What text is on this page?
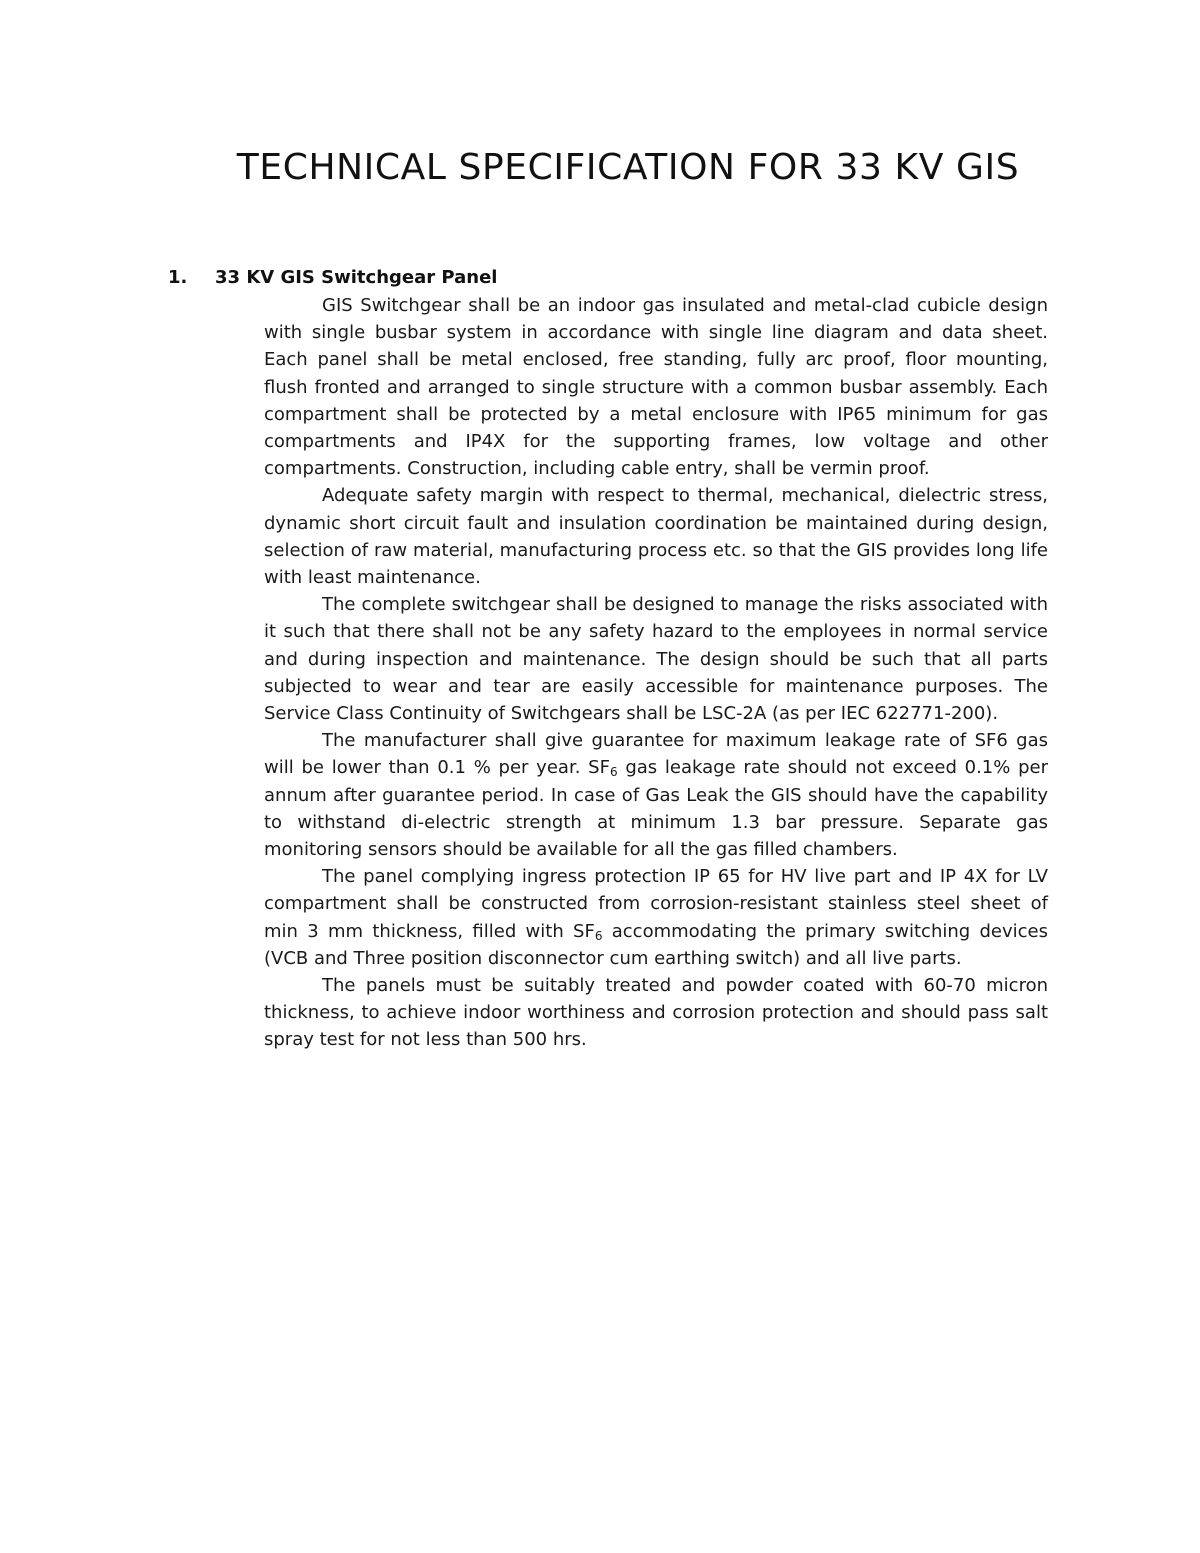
TECHNICAL SPECIFICATION FOR 33 KV GIS
1. 33 KV GIS Switchgear Panel

GIS Switchgear shall be an indoor gas insulated and metal-clad cubicle design with single busbar system in accordance with single line diagram and data sheet. Each panel shall be metal enclosed, free standing, fully arc proof, floor mounting, flush fronted and arranged to single structure with a common busbar assembly. Each compartment shall be protected by a metal enclosure with IP65 minimum for gas compartments and IP4X for the supporting frames, low voltage and other compartments. Construction, including cable entry, shall be vermin proof.

Adequate safety margin with respect to thermal, mechanical, dielectric stress, dynamic short circuit fault and insulation coordination be maintained during design, selection of raw material, manufacturing process etc. so that the GIS provides long life with least maintenance.

The complete switchgear shall be designed to manage the risks associated with it such that there shall not be any safety hazard to the employees in normal service and during inspection and maintenance. The design should be such that all parts subjected to wear and tear are easily accessible for maintenance purposes. The Service Class Continuity of Switchgears shall be LSC-2A (as per IEC 622771-200).

The manufacturer shall give guarantee for maximum leakage rate of SF6 gas will be lower than 0.1 % per year. $SF_6$ gas leakage rate should not exceed 0.1% per annum after guarantee period. In case of Gas Leak the GIS should have the capability to withstand di-electric strength at minimum 1.3 bar pressure. Separate gas monitoring sensors should be available for all the gas filled chambers.

The panel complying ingress protection IP 65 for HV live part and IP 4X for LV compartment shall be constructed from corrosion-resistant stainless steel sheet of min 3 mm thickness, filled with $SF_6$ accommodating the primary switching devices (VCB and Three position disconnector cum earthing switch) and all live parts.

The panels must be suitably treated and powder coated with 60-70 micron thickness, to achieve indoor worthiness and corrosion protection and should pass salt spray test for not less than 500 hrs.
